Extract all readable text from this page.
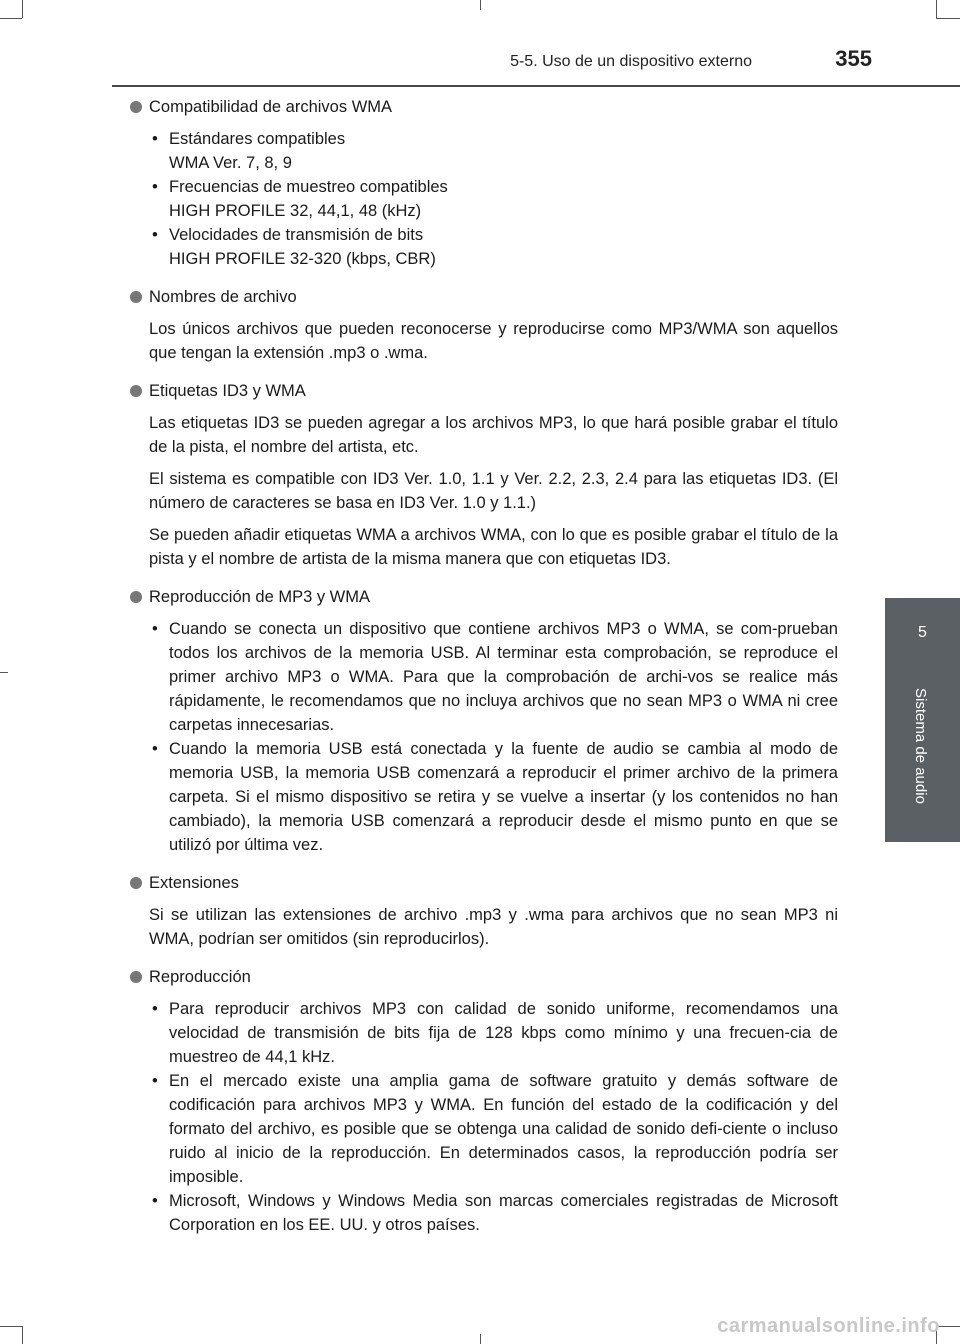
5-5. Uso de un dispositivo externo	355
5
Sistema de audio
Compatibilidad de archivos WMA
• Estándares compatibles
WMA Ver. 7, 8, 9
• Frecuencias de muestreo compatibles
HIGH PROFILE 32, 44,1, 48 (kHz)
• Velocidades de transmisión de bits
HIGH PROFILE 32-320 (kbps, CBR)
Nombres de archivo
Los únicos archivos que pueden reconocerse y reproducirse como MP3/WMA son aquellos que tengan la extensión .mp3 o .wma.
Etiquetas ID3 y WMA
Las etiquetas ID3 se pueden agregar a los archivos MP3, lo que hará posible grabar el título de la pista, el nombre del artista, etc.
El sistema es compatible con ID3 Ver. 1.0, 1.1 y Ver. 2.2, 2.3, 2.4 para las etiquetas ID3. (El número de caracteres se basa en ID3 Ver. 1.0 y 1.1.)
Se pueden añadir etiquetas WMA a archivos WMA, con lo que es posible grabar el título de la pista y el nombre de artista de la misma manera que con etiquetas ID3.
Reproducción de MP3 y WMA
• Cuando se conecta un dispositivo que contiene archivos MP3 o WMA, se com-prueban todos los archivos de la memoria USB. Al terminar esta comprobación, se reproduce el primer archivo MP3 o WMA. Para que la comprobación de archi-vos se realice más rápidamente, le recomendamos que no incluya archivos que no sean MP3 o WMA ni cree carpetas innecesarias.
• Cuando la memoria USB está conectada y la fuente de audio se cambia al modo de memoria USB, la memoria USB comenzará a reproducir el primer archivo de la primera carpeta. Si el mismo dispositivo se retira y se vuelve a insertar (y los contenidos no han cambiado), la memoria USB comenzará a reproducir desde el mismo punto en que se utilizó por última vez.
Extensiones
Si se utilizan las extensiones de archivo .mp3 y .wma para archivos que no sean MP3 ni WMA, podrían ser omitidos (sin reproducirlos).
Reproducción
• Para reproducir archivos MP3 con calidad de sonido uniforme, recomendamos una velocidad de transmisión de bits fija de 128 kbps como mínimo y una frecuen-cia de muestreo de 44,1 kHz.
• En el mercado existe una amplia gama de software gratuito y demás software de codificación para archivos MP3 y WMA. En función del estado de la codificación y del formato del archivo, es posible que se obtenga una calidad de sonido defi-ciente o incluso ruido al inicio de la reproducción. En determinados casos, la reproducción podría ser imposible.
• Microsoft, Windows y Windows Media son marcas comerciales registradas de Microsoft Corporation en los EE. UU. y otros países.
carmanualsonline.info
